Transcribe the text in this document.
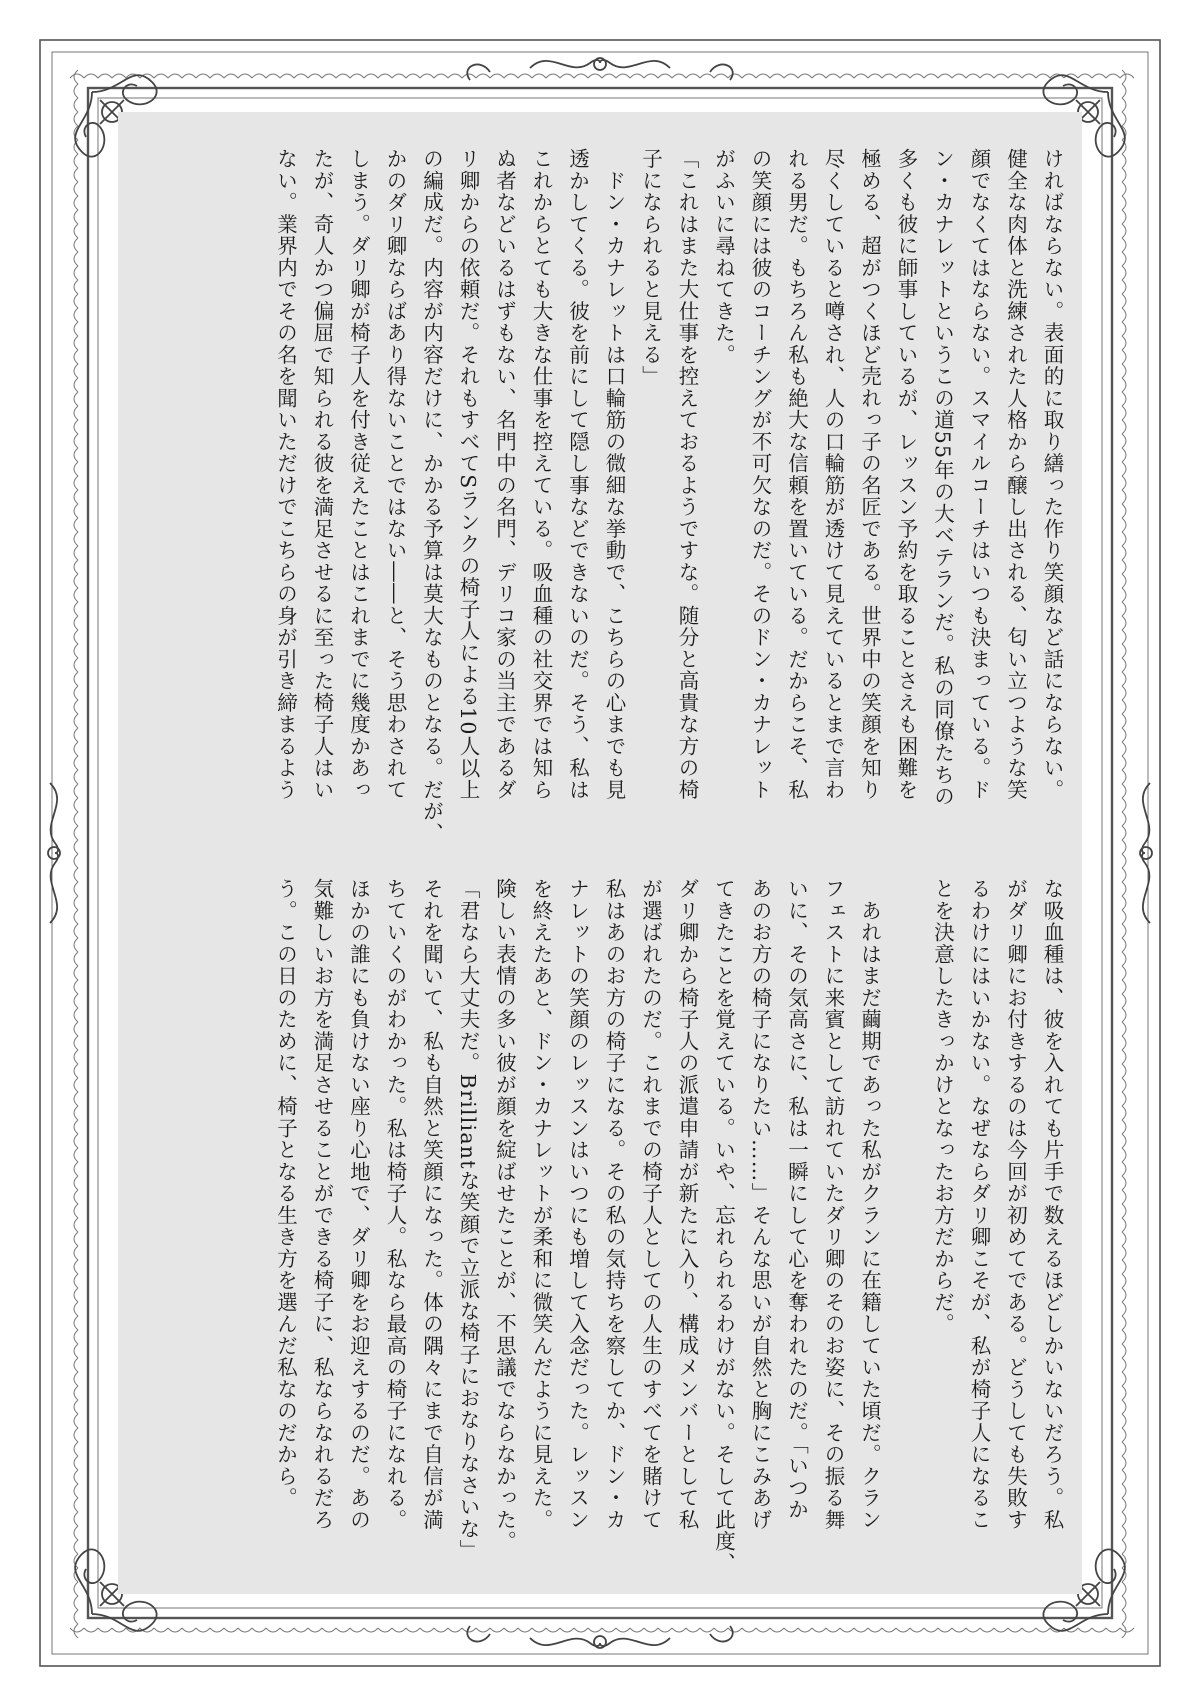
ければならない。表面的に取り繕った作り笑顔など話にならない。
健全な肉体と洗練された人格から醸し出される、匂い立つような笑
顔でなくてはならない。スマイルコーチはいつも決まっている。ド
ン・カナレットというこの道55年の大ベテランだ。私の同僚たちの
多くも彼に師事しているが、レッスン予約を取ることさえも困難を
極める、超がつくほど売れっ子の名匠である。世界中の笑顔を知り
尽くしていると噂され、人の口輪筋が透けて見えているとまで言わ
れる男だ。もちろん私も絶大な信頼を置いている。だからこそ、私
の笑顔には彼のコーチングが不可欠なのだ。そのドン・カナレット
がふいに尋ねてきた。
「これはまた大仕事を控えておるようですな。随分と高貴な方の椅
子になられると見える」
　ドン・カナレットは口輪筋の微細な挙動で、こちらの心までも見
透かしてくる。彼を前にして隠し事などできないのだ。そう、私は
これからとても大きな仕事を控えている。吸血種の社交界では知ら
ぬ者などいるはずもない、名門中の名門、デリコ家の当主であるダ
リ卿からの依頼だ。それもすべてSランクの椅子人による10人以上
の編成だ。内容が内容だけに、かかる予算は莫大なものとなる。だが、
かのダリ卿ならばあり得ないことではない――と、そう思わされて
しまう。ダリ卿が椅子人を付き従えたことはこれまでに幾度かあっ
たが、奇人かつ偏屈で知られる彼を満足させるに至った椅子人はい
ない。業界内でその名を聞いただけでこちらの身が引き締まるよう
な吸血種は、彼を入れても片手で数えるほどしかいないだろう。私
がダリ卿にお付きするのは今回が初めてである。どうしても失敗す
るわけにはいかない。なぜならダリ卿こそが、私が椅子人になるこ
とを決意したきっかけとなったお方だからだ。

　あれはまだ繭期であった私がクランに在籍していた頃だ。クラン
フェストに来賓として訪れていたダリ卿のそのお姿に、その振る舞
いに、その気高さに、私は一瞬にして心を奪われたのだ。「いつか
あのお方の椅子になりたい……」そんな思いが自然と胸にこみあげ
てきたことを覚えている。いや、忘れられるわけがない。そして此度、
ダリ卿から椅子人の派遣申請が新たに入り、構成メンバーとして私
が選ばれたのだ。これまでの椅子人としての人生のすべてを賭けて
私はあのお方の椅子になる。その私の気持ちを察してか、ドン・カ
ナレットの笑顔のレッスンはいつにも増して入念だった。レッスン
を終えたあと、ドン・カナレットが柔和に微笑んだように見えた。
険しい表情の多い彼が顔を綻ばせたことが、不思議でならなかった。
「君なら大丈夫だ。Brilliantな笑顔で立派な椅子におなりなさいな」
それを聞いて、私も自然と笑顔になった。体の隅々にまで自信が満
ちていくのがわかった。私は椅子人。私なら最高の椅子になれる。
ほかの誰にも負けない座り心地で、ダリ卿をお迎えするのだ。あの
気難しいお方を満足させることができる椅子に、私ならなれるだろ
う。この日のために、椅子となる生き方を選んだ私なのだから。
